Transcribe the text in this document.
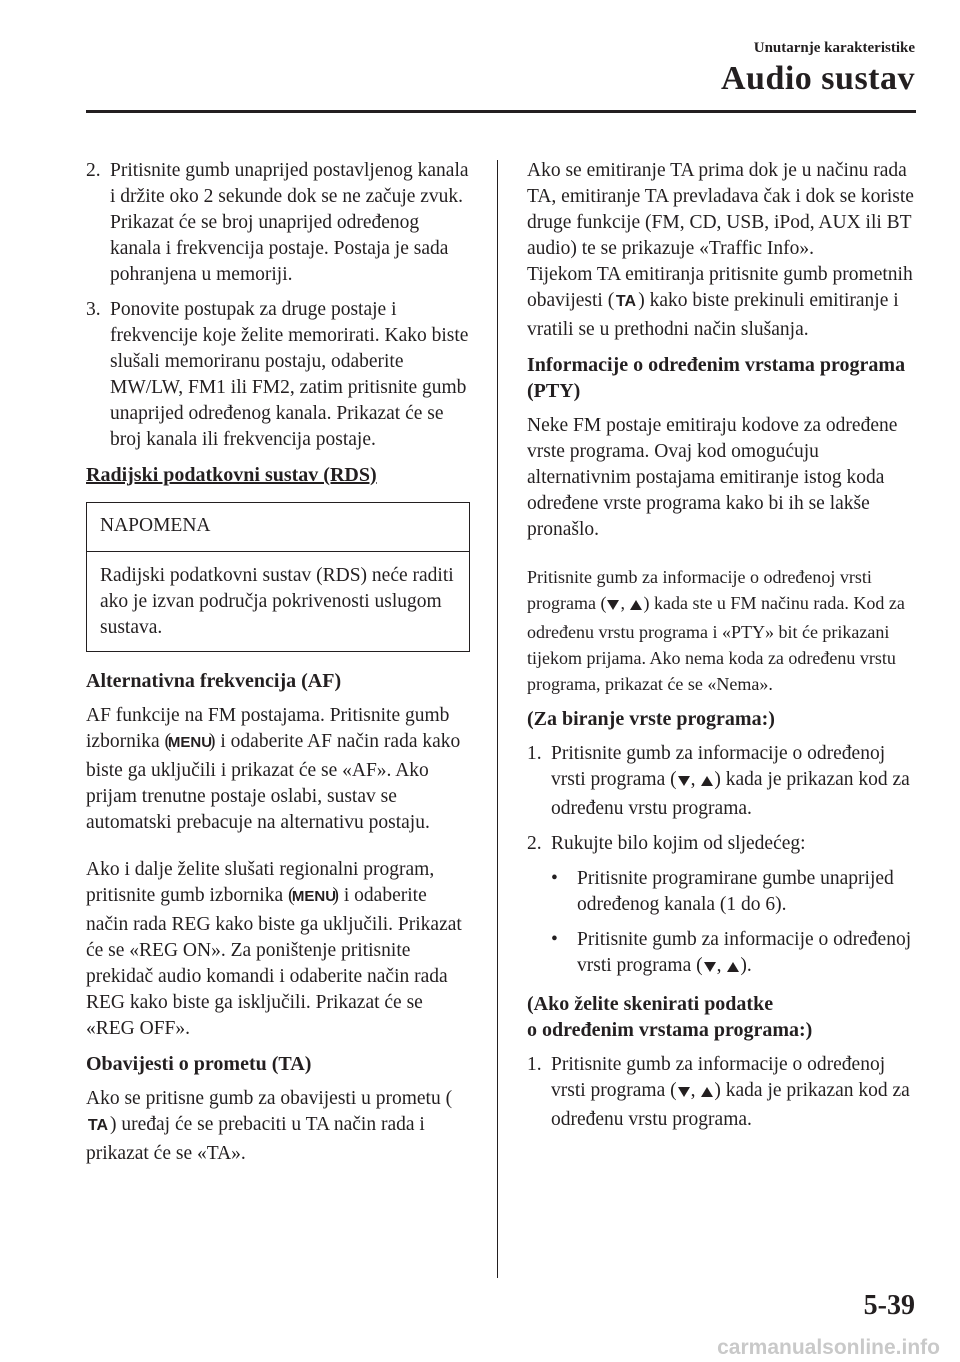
Unutarnje karakteristike
Audio sustav
2. Pritisnite gumb unaprijed postavljenog kanala i držite oko 2 sekunde dok se ne začuje zvuk. Prikazat će se broj unaprijed određenog kanala i frekvencija postaje. Postaja je sada pohranjena u memoriji.
3. Ponovite postupak za druge postaje i frekvencije koje želite memorirati. Kako biste slušali memoriranu postaju, odaberite MW/LW, FM1 ili FM2, zatim pritisnite gumb unaprijed određenog kanala. Prikazat će se broj kanala ili frekvencija postaje.
Radijski podatkovni sustav (RDS)
NAPOMENA
Radijski podatkovni sustav (RDS) neće raditi ako je izvan područja pokrivenosti uslugom sustava.
Alternativna frekvencija (AF)
AF funkcije na FM postajama. Pritisnite gumb izbornika (
MENU
) i odaberite AF način rada kako biste ga uključili i prikazat će se «AF». Ako prijam trenutne postaje oslabi, sustav se automatski prebacuje na alternativu postaju.
Ako i dalje želite slušati regionalni program, pritisnite gumb izbornika (
MENU
) i odaberite način rada REG kako biste ga uključili. Prikazat će se «REG ON». Za poništenje pritisnite prekidač audio komandi i odaberite način rada REG kako biste ga isključili. Prikazat će se «REG OFF».
Obavijesti o prometu (TA)
Ako se pritisne gumb za obavijesti u prometu (
TA ) uređaj će se prebaciti u TA način rada i prikazat će se «TA».
Ako se emitiranje TA prima dok je u načinu rada TA, emitiranje TA prevladava čak i dok se koriste druge funkcije (FM, CD, USB, iPod, AUX ili BT audio) te se prikazuje «Traffic Info».
Tijekom TA emitiranja pritisnite gumb prometnih obavijesti ( TA ) kako biste prekinuli emitiranje i vratili se u prethodni način slušanja.
Informacije o određenim vrstama programa (PTY)
Neke FM postaje emitiraju kodove za određene vrste programa. Ovaj kod omogućuju alternativnim postajama emitiranje istog koda određene vrste programa kako bi ih se lakše pronašlo.
Pritisnite gumb za informacije o određenoj vrsti programa ( , ) kada ste u FM načinu rada. Kod za određenu vrstu programa i «PTY» bit će prikazani tijekom prijama. Ako nema koda za određenu vrstu programa, prikazat će se «Nema».
(Za biranje vrste programa:)
1. Pritisnite gumb za informacije o određenoj vrsti programa ( , ) kada je prikazan kod za određenu vrstu programa.
2. Rukujte bilo kojim od sljedećeg:
• Pritisnite programirane gumbe unaprijed određenog kanala (1 do 6).
• Pritisnite gumb za informacije o određenoj vrsti programa ( , ).
(Ako želite skenirati podatke
o određenim vrstama programa:)
1. Pritisnite gumb za informacije o određenoj vrsti programa ( , ) kada je prikazan kod za određenu vrstu programa.
5-39
carmanualsonline.info
